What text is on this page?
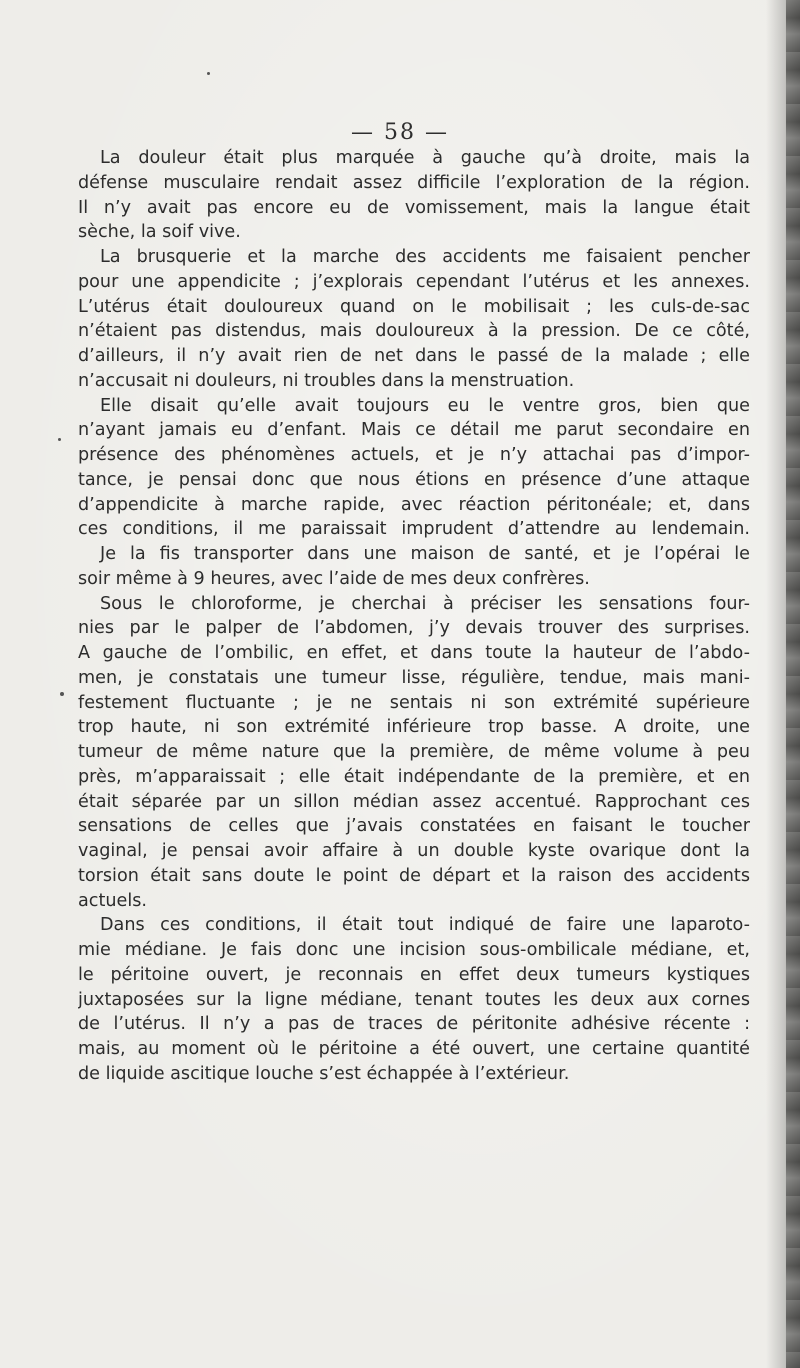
— 58 —
La douleur était plus marquée à gauche qu’à droite, mais la
défense musculaire rendait assez difficile l’exploration de la région.
Il n’y avait pas encore eu de vomissement, mais la langue était
sèche, la soif vive.
La brusquerie et la marche des accidents me faisaient pencher
pour une appendicite ; j’explorais cependant l’utérus et les annexes.
L’utérus était douloureux quand on le mobilisait ; les culs-de-sac
n’étaient pas distendus, mais douloureux à la pression. De ce côté,
d’ailleurs, il n’y avait rien de net dans le passé de la malade ; elle
n’accusait ni douleurs, ni troubles dans la menstruation.
Elle disait qu’elle avait toujours eu le ventre gros, bien que
n’ayant jamais eu d’enfant. Mais ce détail me parut secondaire en
présence des phénomènes actuels, et je n’y attachai pas d’impor-
tance, je pensai donc que nous étions en présence d’une attaque
d’appendicite à marche rapide, avec réaction péritonéale; et, dans
ces conditions, il me paraissait imprudent d’attendre au lendemain.
Je la fis transporter dans une maison de santé, et je l’opérai le
soir même à 9 heures, avec l’aide de mes deux confrères.
Sous le chloroforme, je cherchai à préciser les sensations four-
nies par le palper de l’abdomen, j’y devais trouver des surprises.
A gauche de l’ombilic, en effet, et dans toute la hauteur de l’abdo-
men, je constatais une tumeur lisse, régulière, tendue, mais mani-
festement fluctuante ; je ne sentais ni son extrémité supérieure
trop haute, ni son extrémité inférieure trop basse. A droite, une
tumeur de même nature que la première, de même volume à peu
près, m’apparaissait ; elle était indépendante de la première, et en
était séparée par un sillon médian assez accentué. Rapprochant ces
sensations de celles que j’avais constatées en faisant le toucher
vaginal, je pensai avoir affaire à un double kyste ovarique dont la
torsion était sans doute le point de départ et la raison des accidents
actuels.
Dans ces conditions, il était tout indiqué de faire une laparoto-
mie médiane. Je fais donc une incision sous-ombilicale médiane, et,
le péritoine ouvert, je reconnais en effet deux tumeurs kystiques
juxtaposées sur la ligne médiane, tenant toutes les deux aux cornes
de l’utérus. Il n’y a pas de traces de péritonite adhésive récente :
mais, au moment où le péritoine a été ouvert, une certaine quantité
de liquide ascitique louche s’est échappée à l’extérieur.
